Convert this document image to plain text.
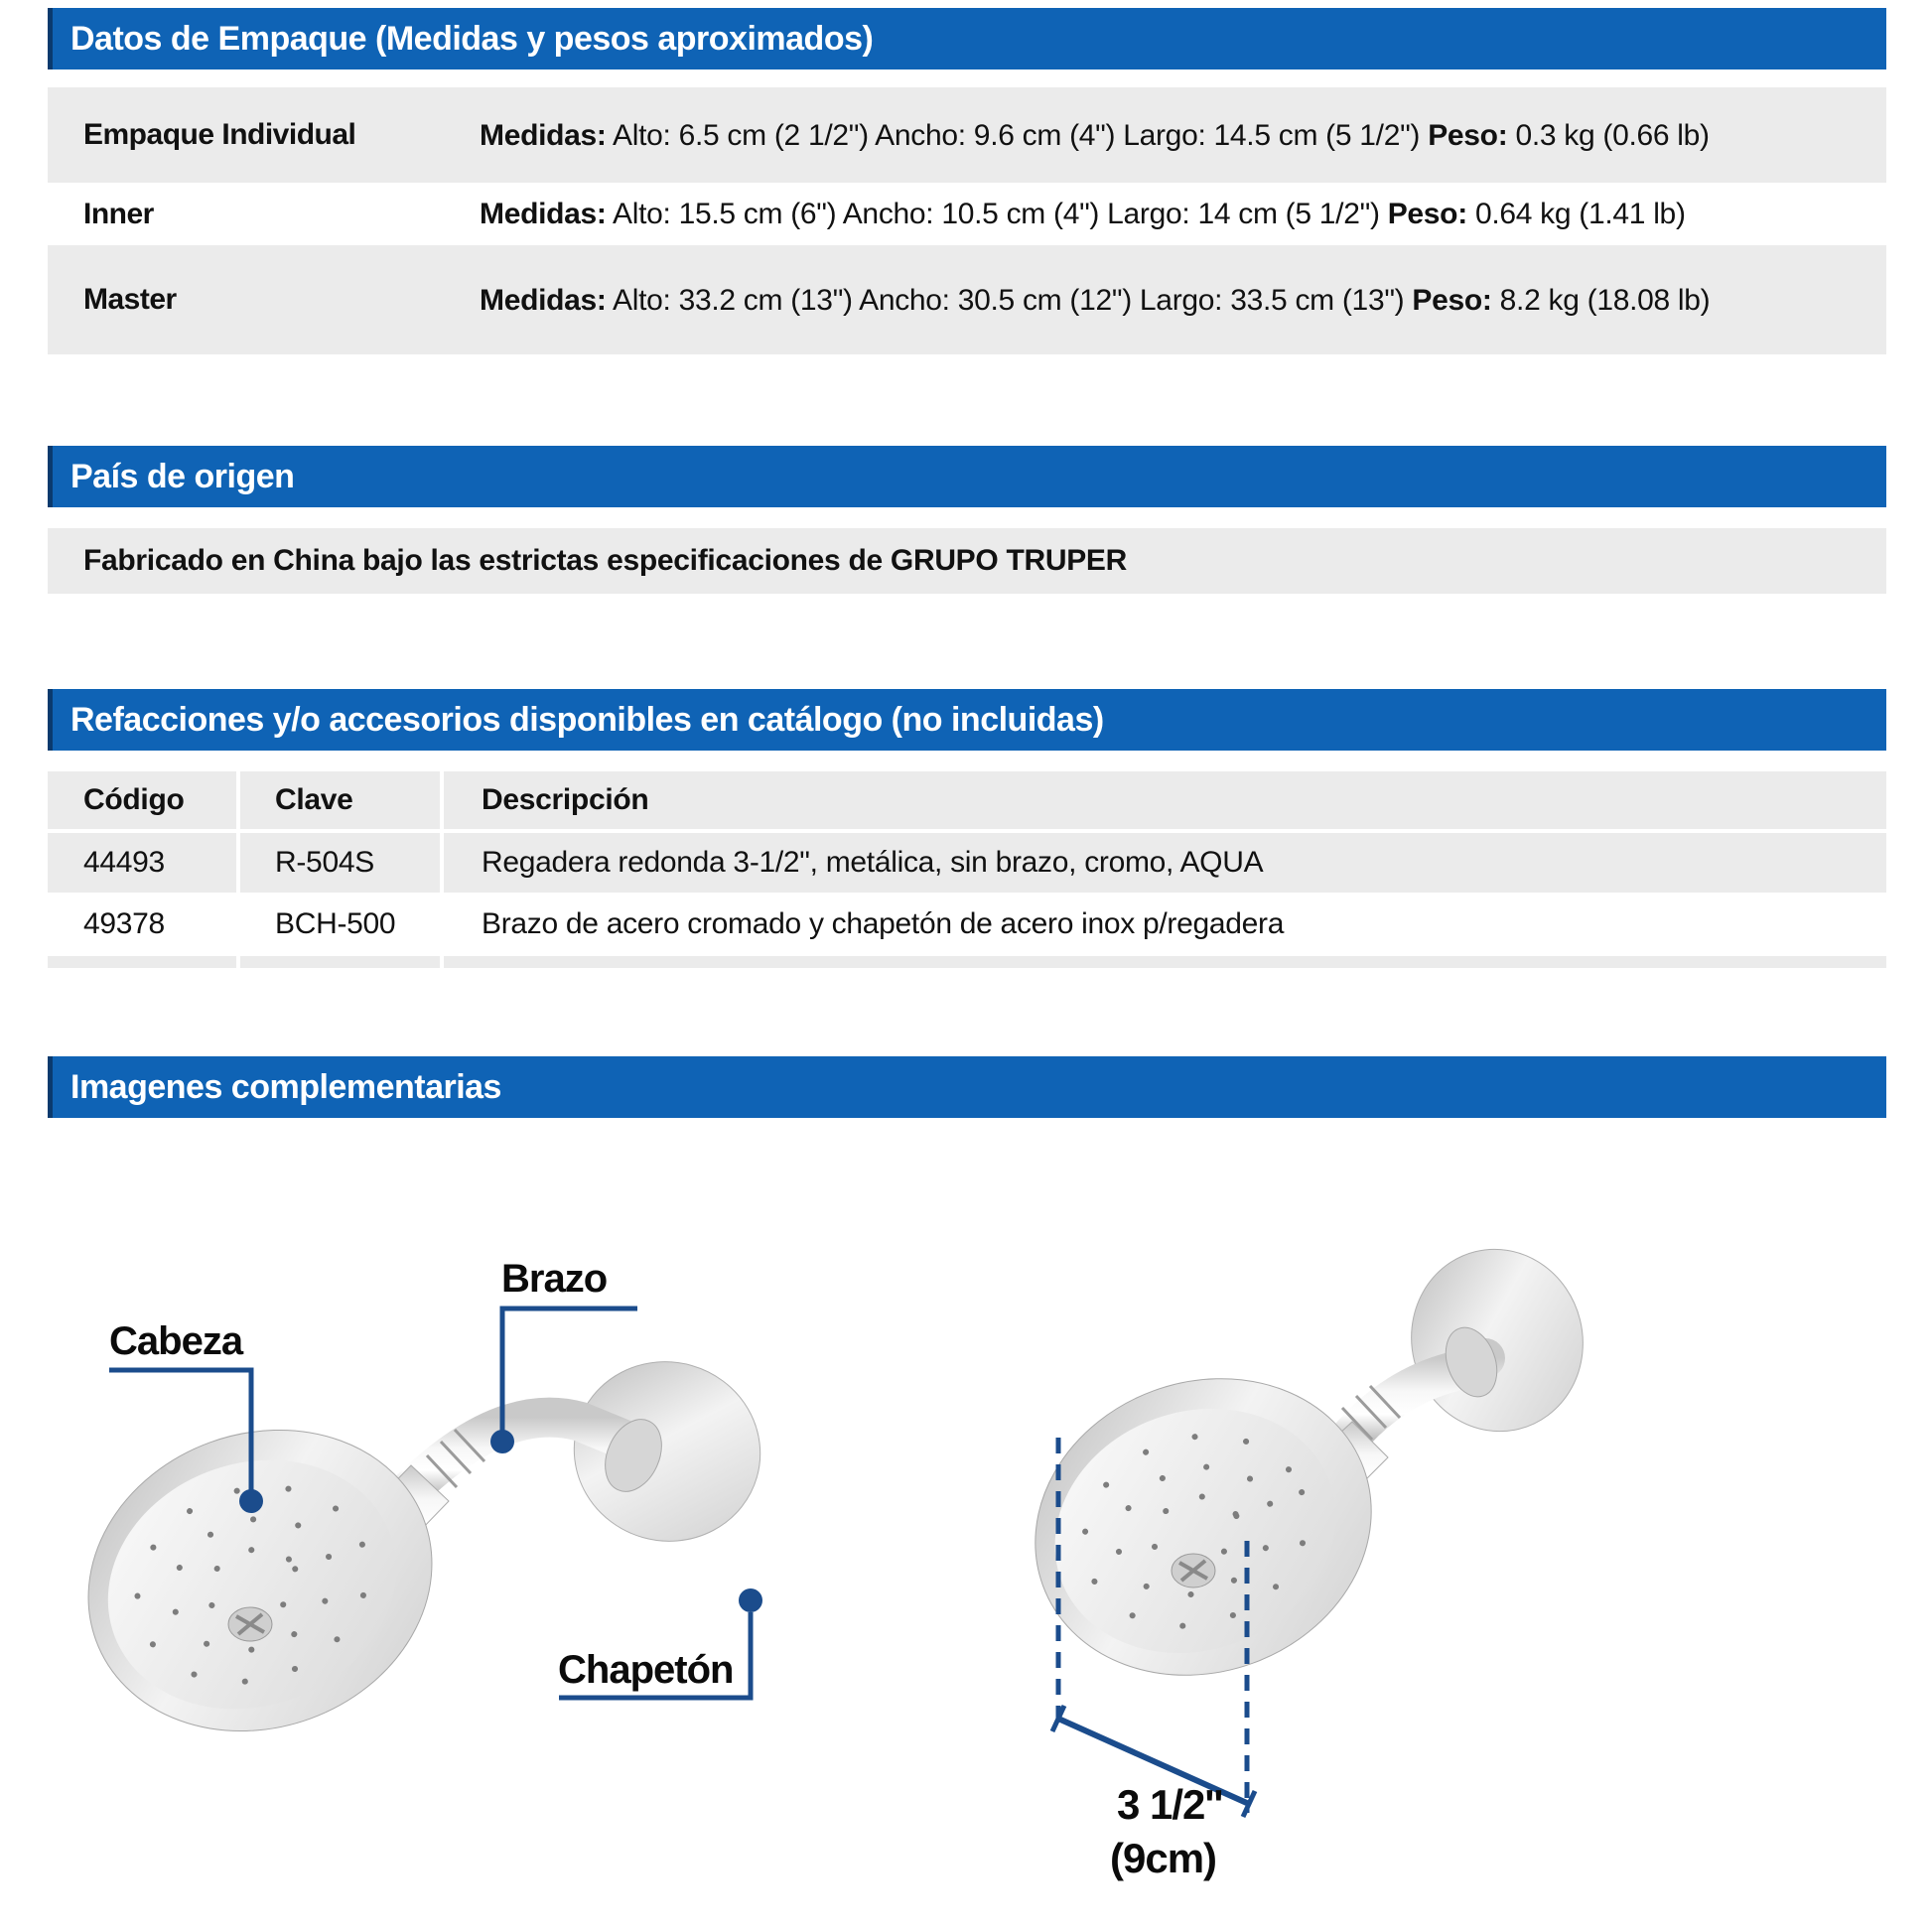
Datos de Empaque (Medidas y pesos aproximados)
Empaque Individual	Medidas: Alto: 6.5 cm (2 1/2") Ancho: 9.6 cm (4") Largo: 14.5 cm (5 1/2") Peso: 0.3 kg (0.66 lb)
Inner	Medidas: Alto: 15.5 cm (6") Ancho: 10.5 cm (4") Largo: 14 cm (5 1/2") Peso: 0.64 kg (1.41 lb)
Master	Medidas: Alto: 33.2 cm (13") Ancho: 30.5 cm (12") Largo: 33.5 cm (13") Peso: 8.2 kg (18.08 lb)
País de origen
Fabricado en China bajo las estrictas especificaciones de GRUPO TRUPER
Refacciones y/o accesorios disponibles en catálogo (no incluidas)
Código	Clave	Descripción
44493	R-504S	Regadera redonda 3-1/2", metálica, sin brazo, cromo, AQUA
49378	BCH-500	Brazo de acero cromado y chapetón de acero inox p/regadera
Imagenes complementarias
Cabeza
Brazo
Chapetón
3 1/2''
(9cm)
